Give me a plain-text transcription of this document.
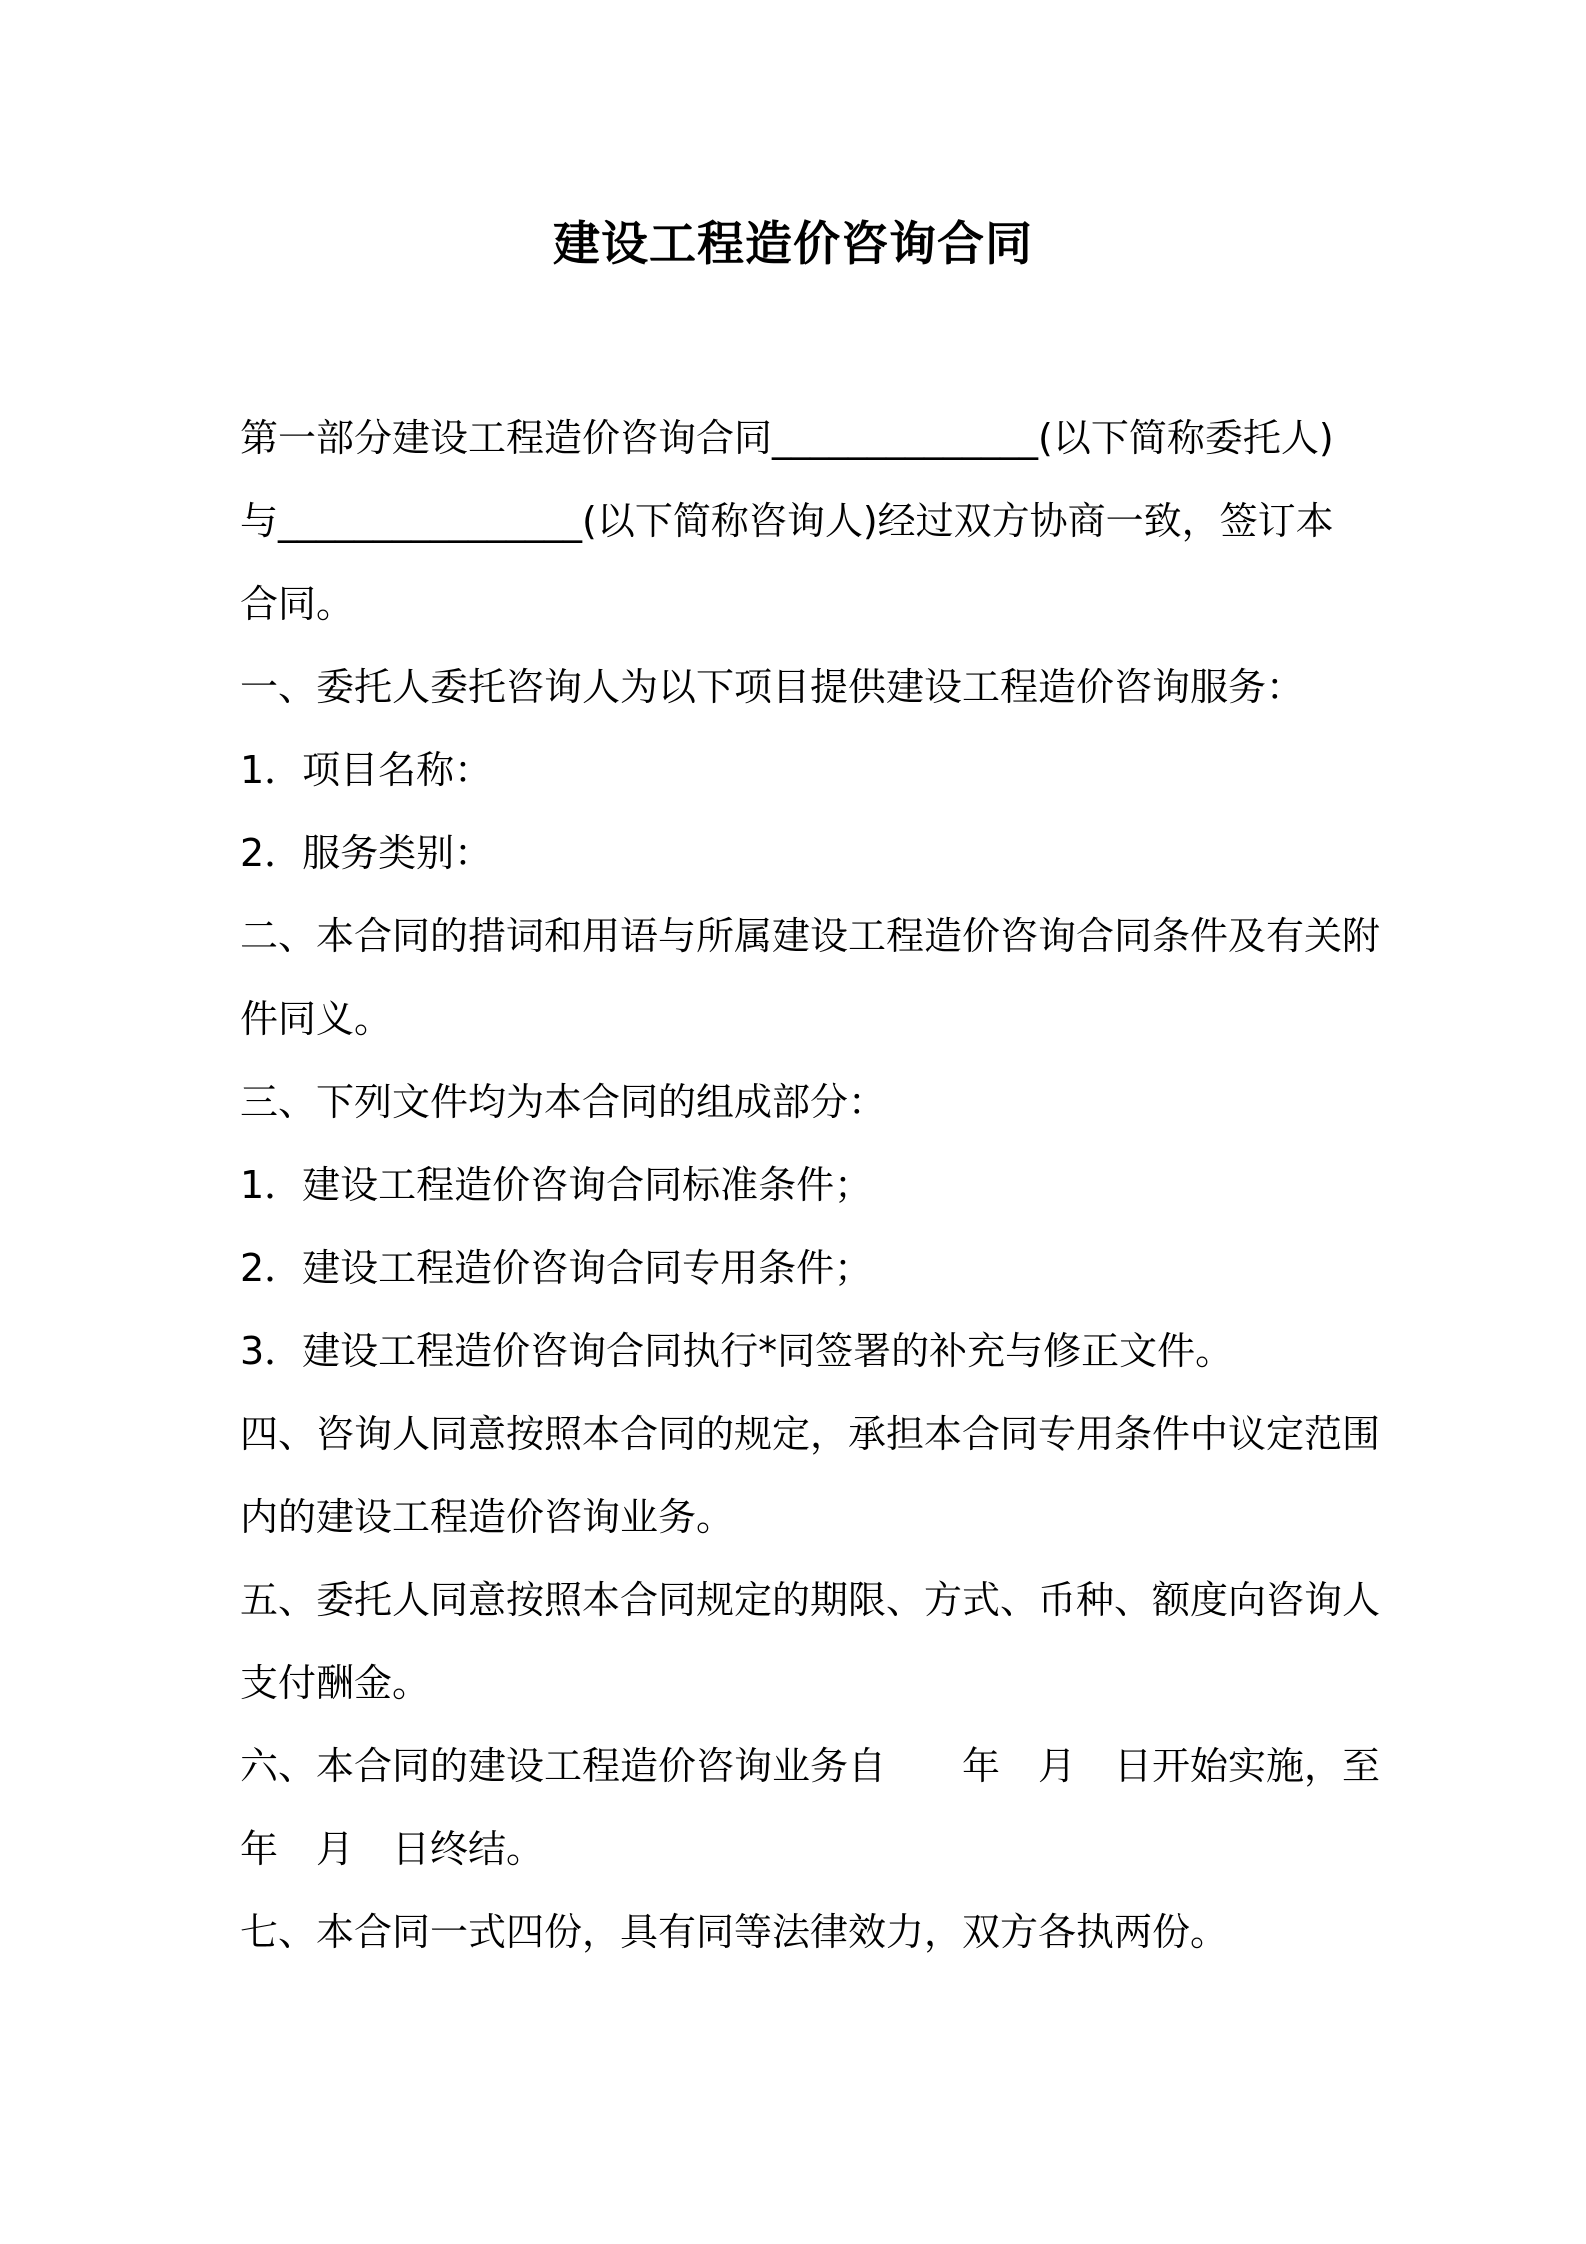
建设工程造价咨询合同
第一部分建设工程造价咨询合同______________(以下简称委托人)
与________________(以下简称咨询人)经过双方协商一致，签订本
合同。
一、委托人委托咨询人为以下项目提供建设工程造价咨询服务：
1．项目名称：
2．服务类别：
二、本合同的措词和用语与所属建设工程造价咨询合同条件及有关附
件同义。
三、下列文件均为本合同的组成部分：
1．建设工程造价咨询合同标准条件；
2．建设工程造价咨询合同专用条件；
3．建设工程造价咨询合同执行*同签署的补充与修正文件。
四、咨询人同意按照本合同的规定，承担本合同专用条件中议定范围
内的建设工程造价咨询业务。
五、委托人同意按照本合同规定的期限、方式、币种、额度向咨询人
支付酬金。
六、本合同的建设工程造价咨询业务自　　年　月　日开始实施，至
年　月　日终结。
七、本合同一式四份，具有同等法律效力，双方各执两份。
